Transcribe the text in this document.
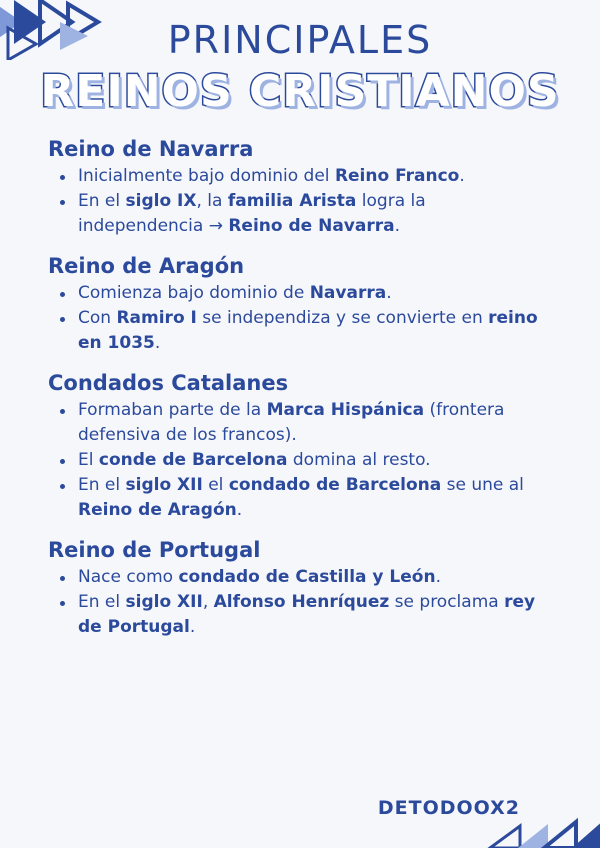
PRINCIPALES
REINOS CRISTIANOS
Reino de Navarra
Inicialmente bajo dominio del Reino Franco.
En el siglo IX, la familia Arista logra la independencia → Reino de Navarra.
Reino de Aragón
Comienza bajo dominio de Navarra.
Con Ramiro I se independiza y se convierte en reino en 1035.
Condados Catalanes
Formaban parte de la Marca Hispánica (frontera defensiva de los francos).
El conde de Barcelona domina al resto.
En el siglo XII el condado de Barcelona se une al Reino de Aragón.
Reino de Portugal
Nace como condado de Castilla y León.
En el siglo XII, Alfonso Henríquez se proclama rey de Portugal.
DETODOOX2
